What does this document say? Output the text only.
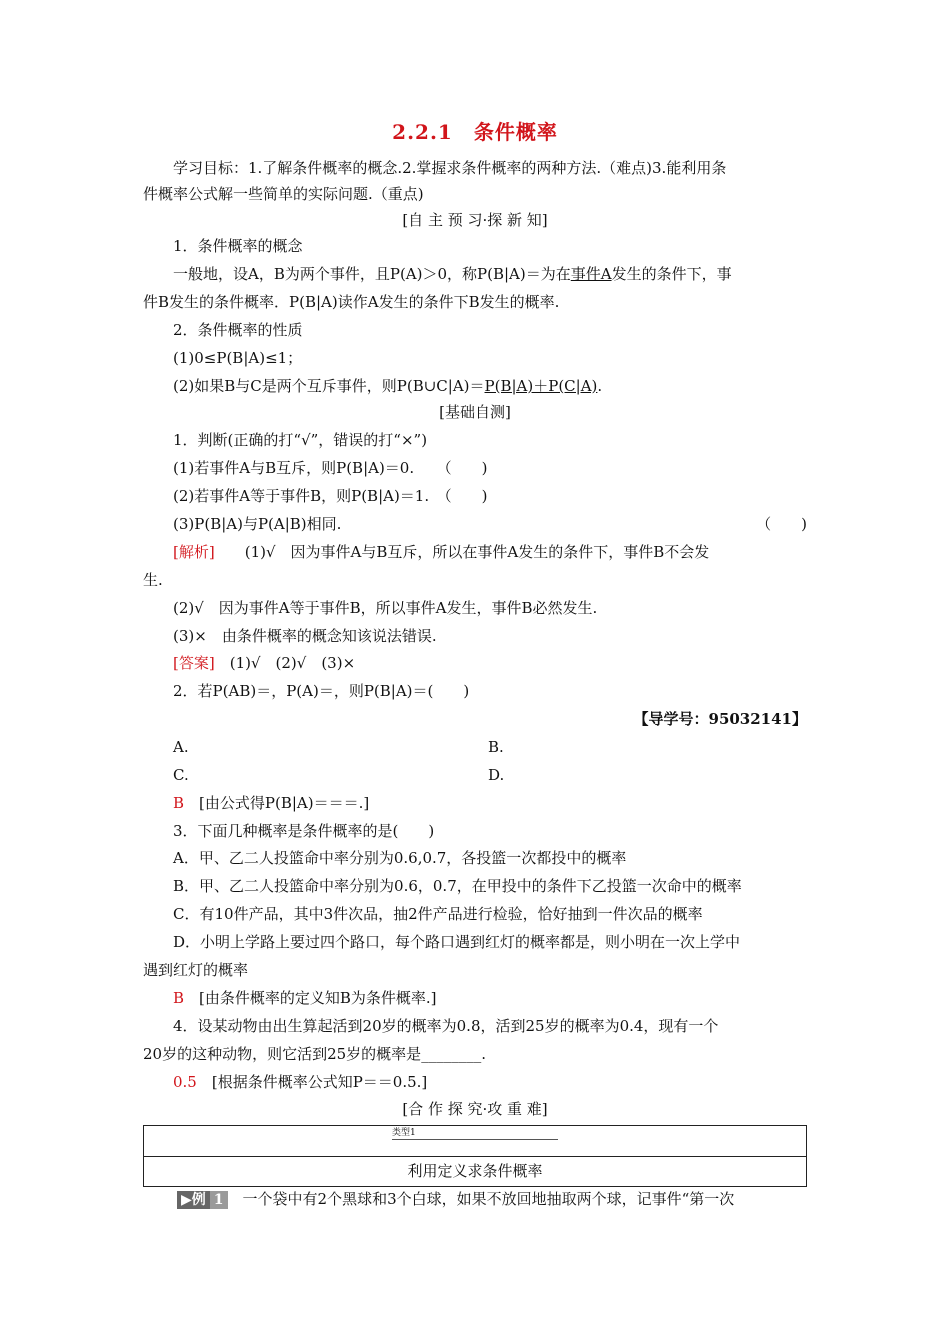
2.2.1　条件概率
学习目标：1.了解条件概率的概念.2.掌握求条件概率的两种方法.（难点)3.能利用条
件概率公式解一些简单的实际问题.（重点)
[自 主 预 习·探 新 知]
1．条件概率的概念
一般地，设A，B为两个事件，且P(A)＞0，称P(B|A)＝为在事件A发生的条件下，事
件B发生的条件概率．P(B|A)读作A发生的条件下B发生的概率.
2．条件概率的性质
(1)0≤P(B|A)≤1；
(2)如果B与C是两个互斥事件，则P(B∪C|A)＝P(B|A)＋P(C|A).
[基础自测]
1．判断(正确的打“√”，错误的打“×”)
(1)若事件A与B互斥，则P(B|A)＝0.　　（　　)
(2)若事件A等于事件B，则P(B|A)＝1.　（　　)
(3)P(B|A)与P(A|B)相同.	（　　)
[解析]　　(1)√　因为事件A与B互斥，所以在事件A发生的条件下，事件B不会发
生.
(2)√　因为事件A等于事件B，所以事件A发生，事件B必然发生.
(3)×　由条件概率的概念知该说法错误.
[答案]　(1)√　(2)√　(3)×
2．若P(AB)＝，P(A)＝，则P(B|A)＝(　　)
【导学号：95032141】
A.	B.
C.	D.
B　[由公式得P(B|A)＝＝＝.]
3．下面几种概率是条件概率的是(　　)
A．甲、乙二人投篮命中率分别为0.6,0.7，各投篮一次都投中的概率
B．甲、乙二人投篮命中率分别为0.6，0.7，在甲投中的条件下乙投篮一次命中的概率
C．有10件产品，其中3件次品，抽2件产品进行检验，恰好抽到一件次品的概率
D．小明上学路上要过四个路口，每个路口遇到红灯的概率都是，则小明在一次上学中
遇到红灯的概率
B　[由条件概率的定义知B为条件概率.]
4．设某动物由出生算起活到20岁的概率为0.8，活到25岁的概率为0.4，现有一个
20岁的这种动物，则它活到25岁的概率是________.
0.5　[根据条件概率公式知P＝＝0.5.]
[合 作 探 究·攻 重 难]
类型1
利用定义求条件概率
▶例 1　一个袋中有2个黑球和3个白球，如果不放回地抽取两个球，记事件“第一次
